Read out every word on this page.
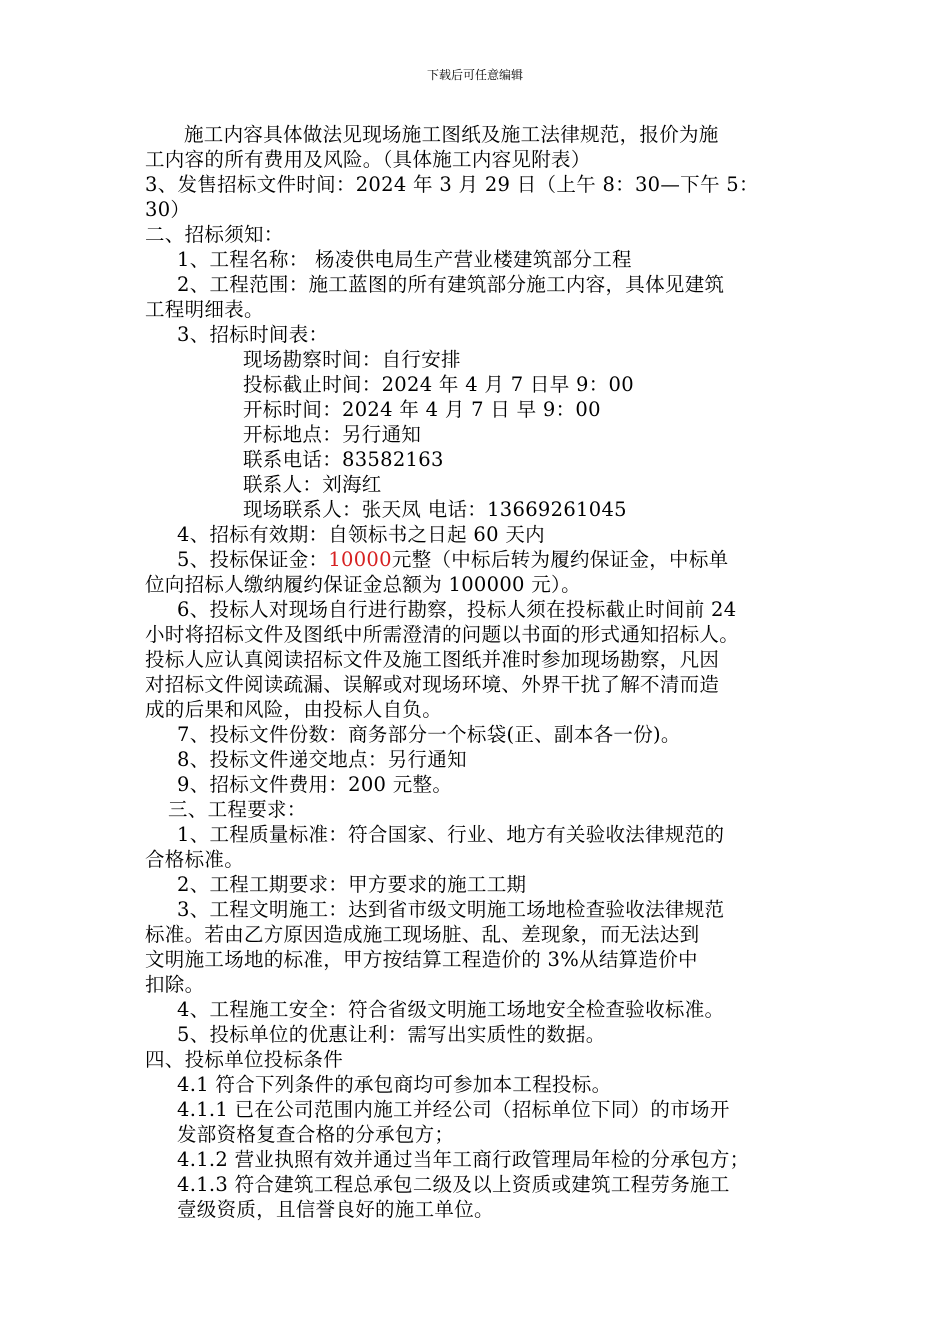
下载后可任意编辑

施工内容具体做法见现场施工图纸及施工法律规范，报价为施

工内容的所有费用及风险。（具体施工内容见附表）

3、发售招标文件时间：2024 年 3 月 29 日（上午 8：30—下午 5：

30）

二、招标须知：

1、工程名称： 杨凌供电局生产营业楼建筑部分工程

2、工程范围：施工蓝图的所有建筑部分施工内容，具体见建筑

工程明细表。

3、招标时间表：

现场勘察时间：自行安排

投标截止时间：2024 年 4 月 7 日早 9：00

开标时间：2024 年 4 月 7 日 早 9：00

开标地点：另行通知

联系电话：83582163

联系人：刘海红

现场联系人：张天凤 电话：13669261045

4、招标有效期：自领标书之日起 60 天内

5、投标保证金：10000元整（中标后转为履约保证金，中标单

位向招标人缴纳履约保证金总额为 100000 元）。

6、投标人对现场自行进行勘察，投标人须在投标截止时间前 24

小时将招标文件及图纸中所需澄清的问题以书面的形式通知招标人。

投标人应认真阅读招标文件及施工图纸并准时参加现场勘察，凡因

对招标文件阅读疏漏、误解或对现场环境、外界干扰了解不清而造

成的后果和风险，由投标人自负。

7、投标文件份数：商务部分一个标袋(正、副本各一份)。

8、投标文件递交地点：另行通知

9、招标文件费用：200 元整。

三、工程要求：

1、工程质量标准：符合国家、行业、地方有关验收法律规范的

合格标准。

2、工程工期要求：甲方要求的施工工期

3、工程文明施工：达到省市级文明施工场地检查验收法律规范

标准。若由乙方原因造成施工现场脏、乱、差现象，而无法达到

文明施工场地的标准，甲方按结算工程造价的 3%从结算造价中

扣除。

4、工程施工安全：符合省级文明施工场地安全检查验收标准。

5、投标单位的优惠让利：需写出实质性的数据。

四、投标单位投标条件

4.1 符合下列条件的承包商均可参加本工程投标。

4.1.1 已在公司范围内施工并经公司（招标单位下同）的市场开

发部资格复查合格的分承包方；

4.1.2 营业执照有效并通过当年工商行政管理局年检的分承包方；

4.1.3 符合建筑工程总承包二级及以上资质或建筑工程劳务施工

壹级资质，且信誉良好的施工单位。
